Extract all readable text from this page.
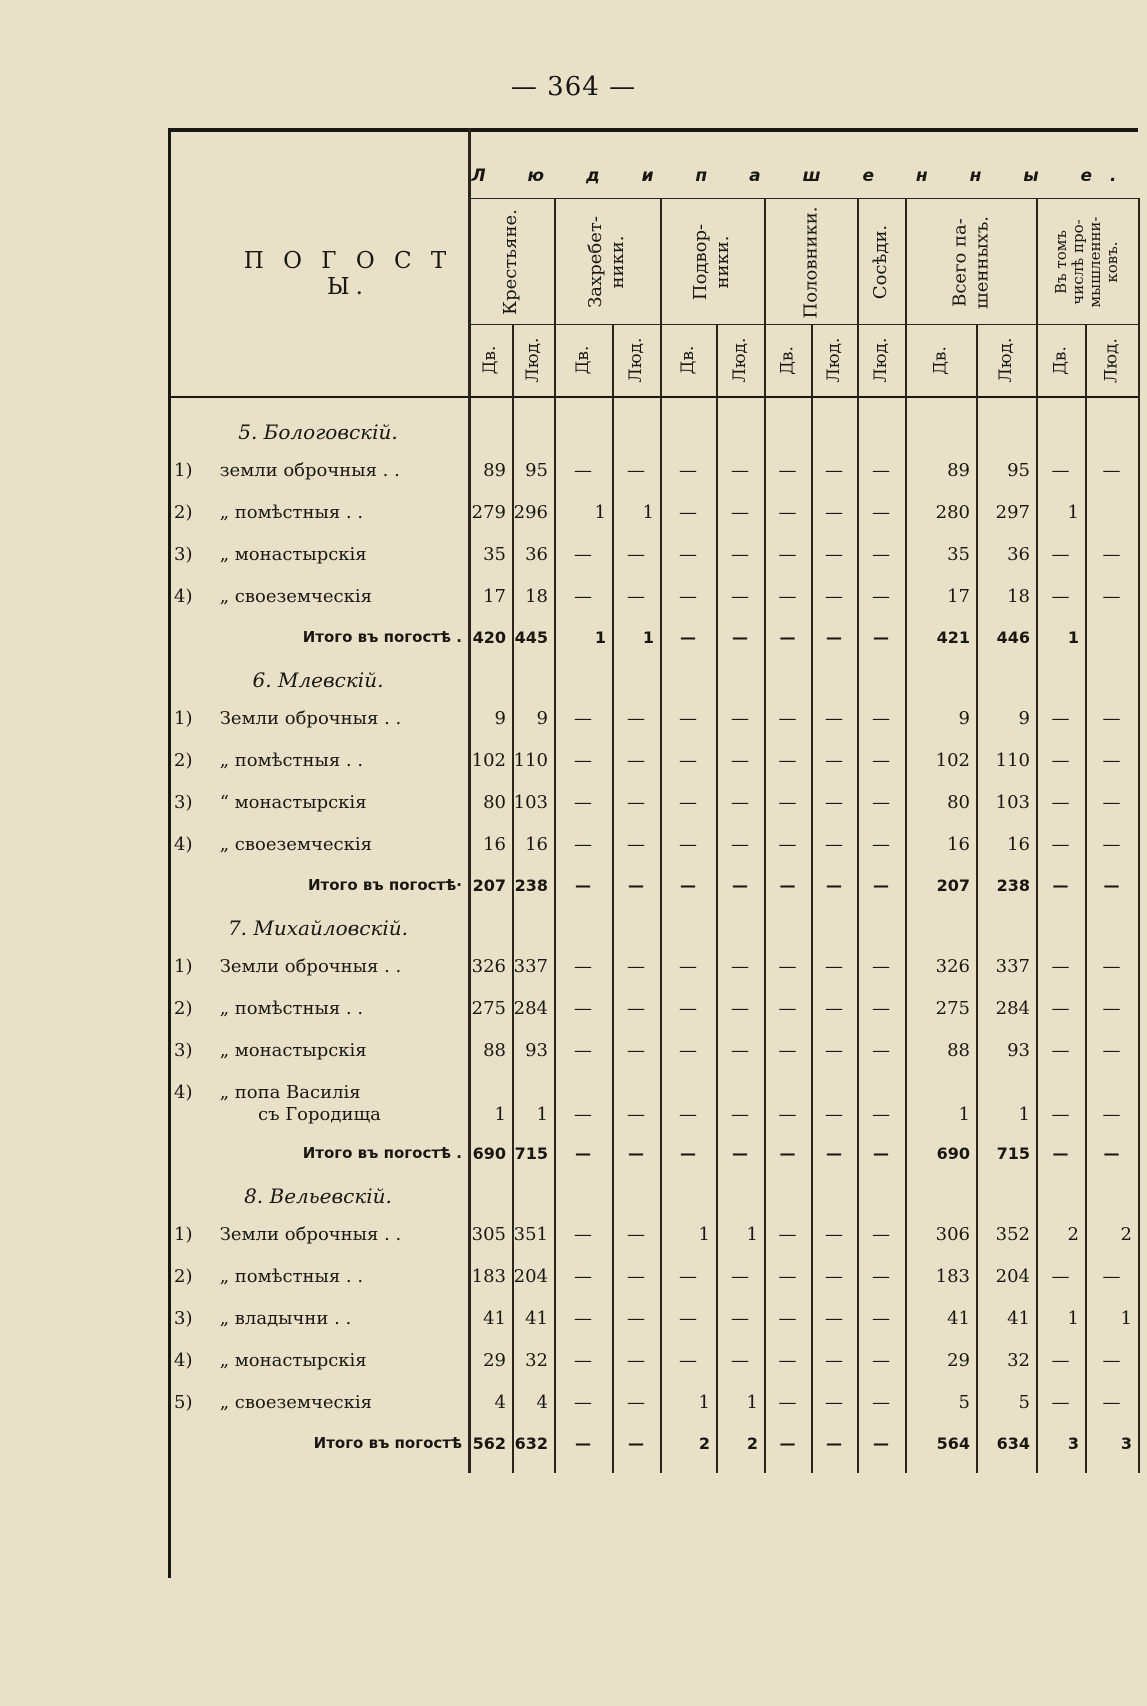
— 364 —
П О Г О С Т Ы.
Л ю д и п а ш е н н ы е.
Крестьяне.
Дв.	Люд.
Захребет- ники.
Дв.	Люд.
Подвор- ники.
Дв.	Люд.
Половники.
Дв.	Люд.
Сосѣди.
Люд.
Всего па- шенныхъ.
Дв.	Люд.
Въ томъ числѣ про- мышленни- ковъ.
Дв.	Люд.
5. Бологовскій.
1) земли оброчныя . .	89	95	—	—	—	—	—	—	—	89	95	—	—
2) „ помѣстныя . .	279 296	1	1	—	—	—	—	—	280	297	1
3) „ монастырскія	35	36	—	—	—	—	—	—	—	35	36	—	—
4) „ своеземческія	17	18	—	—	—	—	—	—	—	17	18	—	—
Итого въ погостѣ . 420 445	1	1	—	—	—	—	—	421	446	1
6. Млевскій.
1) Земли оброчныя . .	9	9	—	—	—	—	—	—	—	9	9	—	—
2) „ помѣстныя . .	102 110	—	—	—	—	—	—	—	102	110	—	—
3) “ монастырскія	80 103	—	—	—	—	—	—	—	80	103	—	—
4) „ своеземческія	16	16	—	—	—	—	—	—	—	16	16	—	—
Итого въ погостѣ· 207 238	—	—	—	—	—	—	—	207	238	—	—
7. Михайловскій.
1) Земли оброчныя . .	326 337	—	—	—	—	—	—	—	326	337	—	—
2) „ помѣстныя . .	275 284	—	—	—	—	—	—	—	275	284	—	—
3) „ монастырскія	88	93	—	—	—	—	—	—	—	88	93	—	—
4) „ попа Василія
съ Городища	1	1	—	—	—	—	—	—	—	1	1	—	—
Итого въ погостѣ . 690 715	—	—	—	—	—	—	—	690	715	—	—
8. Вельевскій.
1) Земли оброчныя . .	305 351	—	—	1	1	—	—	—	306	352	2	2
2) „ помѣстныя . .	183 204	—	—	—	—	—	—	—	183	204	—	—
3) „ владычни . .	41	41	—	—	—	—	—	—	—	41	41	1	1
4) „ монастырскія	29	32	—	—	—	—	—	—	—	29	32	—	—
5) „ своеземческія	4	4	—	—	1	1	—	—	—	5	5	—	—
Итого въ погостѣ 562 632	—	—	2	2	—	—	—	564	634	3	3
